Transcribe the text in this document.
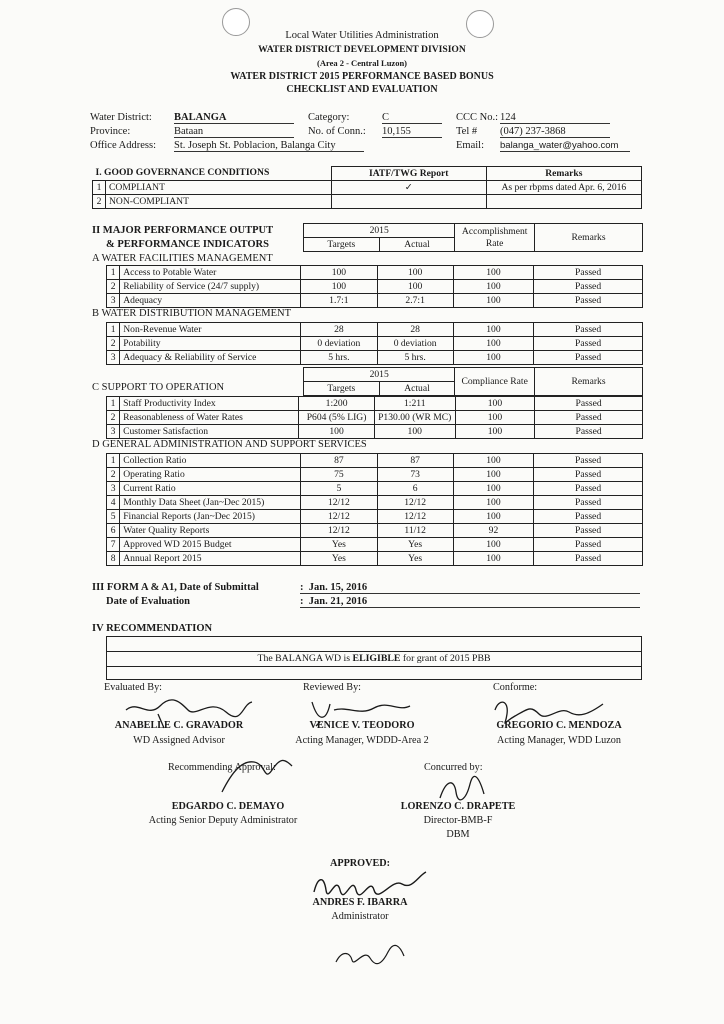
Local Water Utilities Administration
WATER DISTRICT DEVELOPMENT DIVISION
(Area 2 - Central Luzon)
WATER DISTRICT 2015 PERFORMANCE BASED BONUS
CHECKLIST AND EVALUATION
Water District: BALANGA
Province:	Bataan
Office Address: St. Joseph St. Poblacion, Balanga City
Category:	C
No. of Conn.: 10,155
CCC No.: 124
Tel # (047) 237-3868
Email: balanga_water@yahoo.com
I. GOOD GOVERNANCE CONDITIONS		IATF/TWG Report	Remarks
1	COMPLIANT	✓	As per rbpms dated Apr. 6, 2016
2	NON-COMPLIANT		
II MAJOR PERFORMANCE OUTPUT
& PERFORMANCE INDICATORS
2015		Accomplishment Rate	Remarks
Targets	Actual		
A WATER FACILITIES MANAGEMENT
1	Access to Potable Water	100	100	100	Passed
2	Reliability of Service (24/7 supply)	100	100	100	Passed
3	Adequacy	1.7:1	2.7:1	100	Passed
B WATER DISTRIBUTION MANAGEMENT
1	Non-Revenue Water	28	28	100	Passed
2	Potability	0 deviation	0 deviation	100	Passed
3	Adequacy & Reliability of Service	5 hrs.	5 hrs.	100	Passed
2015		Compliance Rate	Remarks
Targets	Actual		
C SUPPORT TO OPERATION
1	Staff Productivity Index	1:200	1:211	100	Passed
2	Reasonableness of Water Rates	P604 (5% LIG)	P130.00 (WR MC)	100	Passed
3	Customer Satisfaction	100	100	100	Passed
D GENERAL ADMINISTRATION AND SUPPORT SERVICES
1	Collection Ratio	87	87	100	Passed
2	Operating Ratio	75	73	100	Passed
3	Current Ratio	5	6	100	Passed
4	Monthly Data Sheet (Jan~Dec 2015)	12/12	12/12	100	Passed
5	Financial Reports (Jan~Dec 2015)	12/12	12/12	100	Passed
6	Water Quality Reports	12/12	11/12	92	Passed
7	Approved WD 2015 Budget	Yes	Yes	100	Passed
8	Annual Report 2015	Yes	Yes	100	Passed
III FORM A & A1, Date of Submittal
Date of Evaluation
:  Jan. 15, 2016
:  Jan. 21, 2016
IV RECOMMENDATION
The BALANGA WD is ELIGIBLE for grant of 2015 PBB
Evaluated By:	Reviewed By:	Conforme:
ANABELLE C. GRAVADOR
WD Assigned Advisor
VENICE V. TEODORO
Acting Manager, WDDD-Area 2
GREGORIO C. MENDOZA
Acting Manager, WDD Luzon
Recommending Approval:
EDGARDO C. DEMAYO
Acting Senior Deputy Administrator
Concurred by:
LORENZO C. DRAPETE
Director-BMB-F
DBM
APPROVED:
ANDRES F. IBARRA
Administrator
